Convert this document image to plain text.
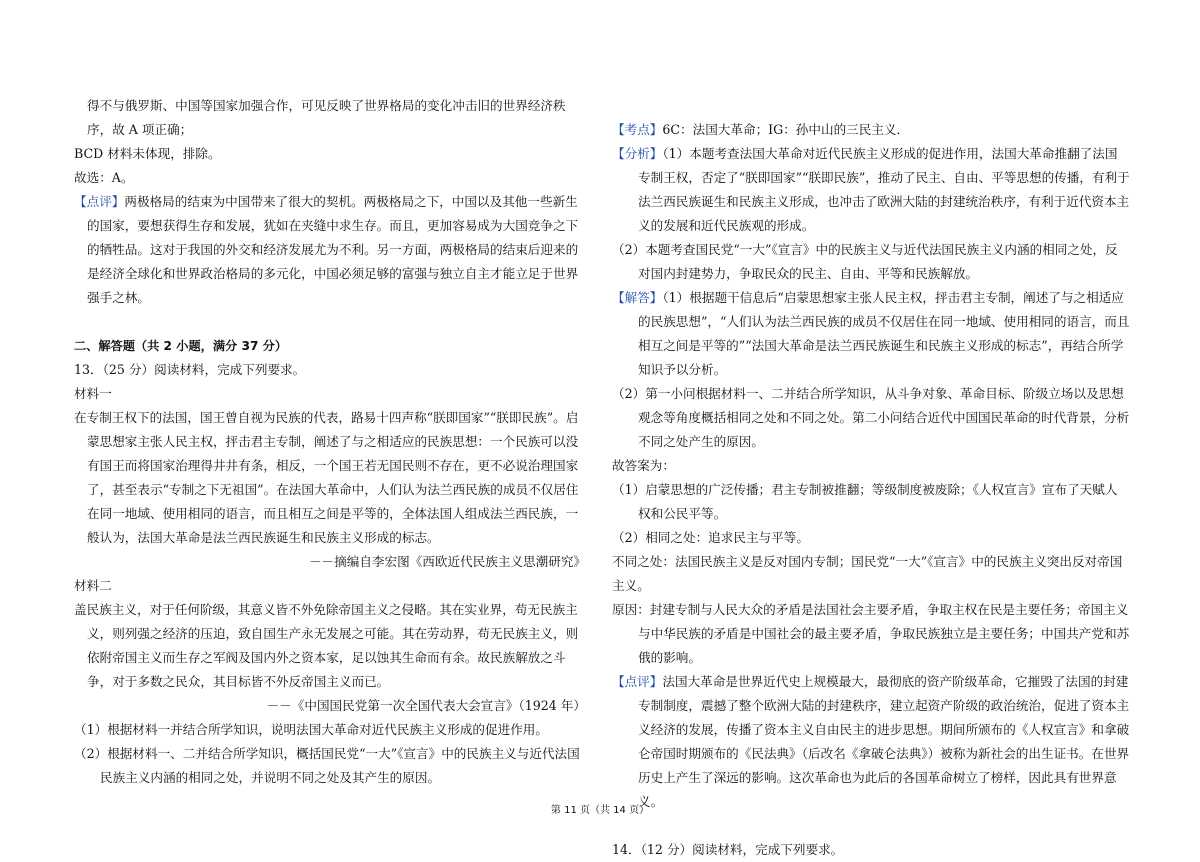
得不与俄罗斯、中国等国家加强合作，可见反映了世界格局的变化冲击旧的世界经济秩序，故 A 项正确；
BCD 材料未体现，排除。
故选：A。
【点评】两极格局的结束为中国带来了很大的契机。两极格局之下，中国以及其他一些新生的国家，要想获得生存和发展，犹如在夹缝中求生存。而且，更加容易成为大国竞争之下的牺牲品。这对于我国的外交和经济发展尤为不利。另一方面，两极格局的结束后迎来的是经济全球化和世界政治格局的多元化，中国必须足够的富强与独立自主才能立足于世界强手之林。
二、解答题（共 2 小题，满分 37 分）
13．（25 分）阅读材料，完成下列要求。
材料一
在专制王权下的法国，国王曾自视为民族的代表，路易十四声称“朕即国家”“朕即民族”。启蒙思想家主张人民主权，抨击君主专制，阐述了与之相适应的民族思想：一个民族可以没有国王而将国家治理得井井有条，相反，一个国王若无国民则不存在，更不必说治理国家了，甚至表示“专制之下无祖国”。在法国大革命中，人们认为法兰西民族的成员不仅居住在同一地域、使用相同的语言，而且相互之间是平等的，全体法国人组成法兰西民族，一般认为，法国大革命是法兰西民族诞生和民族主义形成的标志。
－－摘编自李宏图《西欧近代民族主义思潮研究》
材料二
盖民族主义，对于任何阶级，其意义皆不外免除帝国主义之侵略。其在实业界，苟无民族主义，则列强之经济的压迫，致自国生产永无发展之可能。其在劳动界，苟无民族主义，则依附帝国主义而生存之军阀及国内外之资本家，足以蚀其生命而有余。故民族解放之斗争，对于多数之民众，其目标皆不外反帝国主义而已。
－－《中国国民党第一次全国代表大会宣言》（1924 年）
（1）根据材料一并结合所学知识，说明法国大革命对近代民族主义形成的促进作用。
（2）根据材料一、二并结合所学知识，概括国民党“一大”《宣言》中的民族主义与近代法国民族主义内涵的相同之处，并说明不同之处及其产生的原因。
【考点】6C：法国大革命；IG：孙中山的三民主义．
【分析】（1）本题考查法国大革命对近代民族主义形成的促进作用，法国大革命推翻了法国专制王权，否定了“朕即国家”“朕即民族”，推动了民主、自由、平等思想的传播，有利于法兰西民族诞生和民族主义形成，也冲击了欧洲大陆的封建统治秩序，有利于近代资本主义的发展和近代民族观的形成。
（2）本题考查国民党“一大”《宣言》中的民族主义与近代法国民族主义内涵的相同之处，反对国内封建势力，争取民众的民主、自由、平等和民族解放。
【解答】（1）根据题干信息后“启蒙思想家主张人民主权，抨击君主专制，阐述了与之相适应的民族思想”，“人们认为法兰西民族的成员不仅居住在同一地域、使用相同的语言，而且相互之间是平等的”“法国大革命是法兰西民族诞生和民族主义形成的标志”，再结合所学知识予以分析。
（2）第一小问根据材料一、二并结合所学知识，从斗争对象、革命目标、阶级立场以及思想观念等角度概括相同之处和不同之处。第二小问结合近代中国国民革命的时代背景，分析不同之处产生的原因。
故答案为：
（1）启蒙思想的广泛传播；君主专制被推翻；等级制度被废除；《人权宣言》宣布了天赋人权和公民平等。
（2）相同之处：追求民主与平等。
不同之处：法国民族主义是反对国内专制；国民党“一大”《宣言》中的民族主义突出反对帝国主义。
原因：封建专制与人民大众的矛盾是法国社会主要矛盾，争取主权在民是主要任务；帝国主义与中华民族的矛盾是中国社会的最主要矛盾，争取民族独立是主要任务；中国共产党和苏俄的影响。
【点评】法国大革命是世界近代史上规模最大，最彻底的资产阶级革命，它摧毁了法国的封建专制制度，震撼了整个欧洲大陆的封建秩序，建立起资产阶级的政治统治，促进了资本主义经济的发展，传播了资本主义自由民主的进步思想。期间所颁布的《人权宣言》和拿破仑帝国时期颁布的《民法典》（后改名《拿破仑法典》）被称为新社会的出生证书。在世界历史上产生了深远的影响。这次革命也为此后的各国革命树立了榜样，因此具有世界意义。
14．（12 分）阅读材料，完成下列要求。
第 11 页（共 14 页）
